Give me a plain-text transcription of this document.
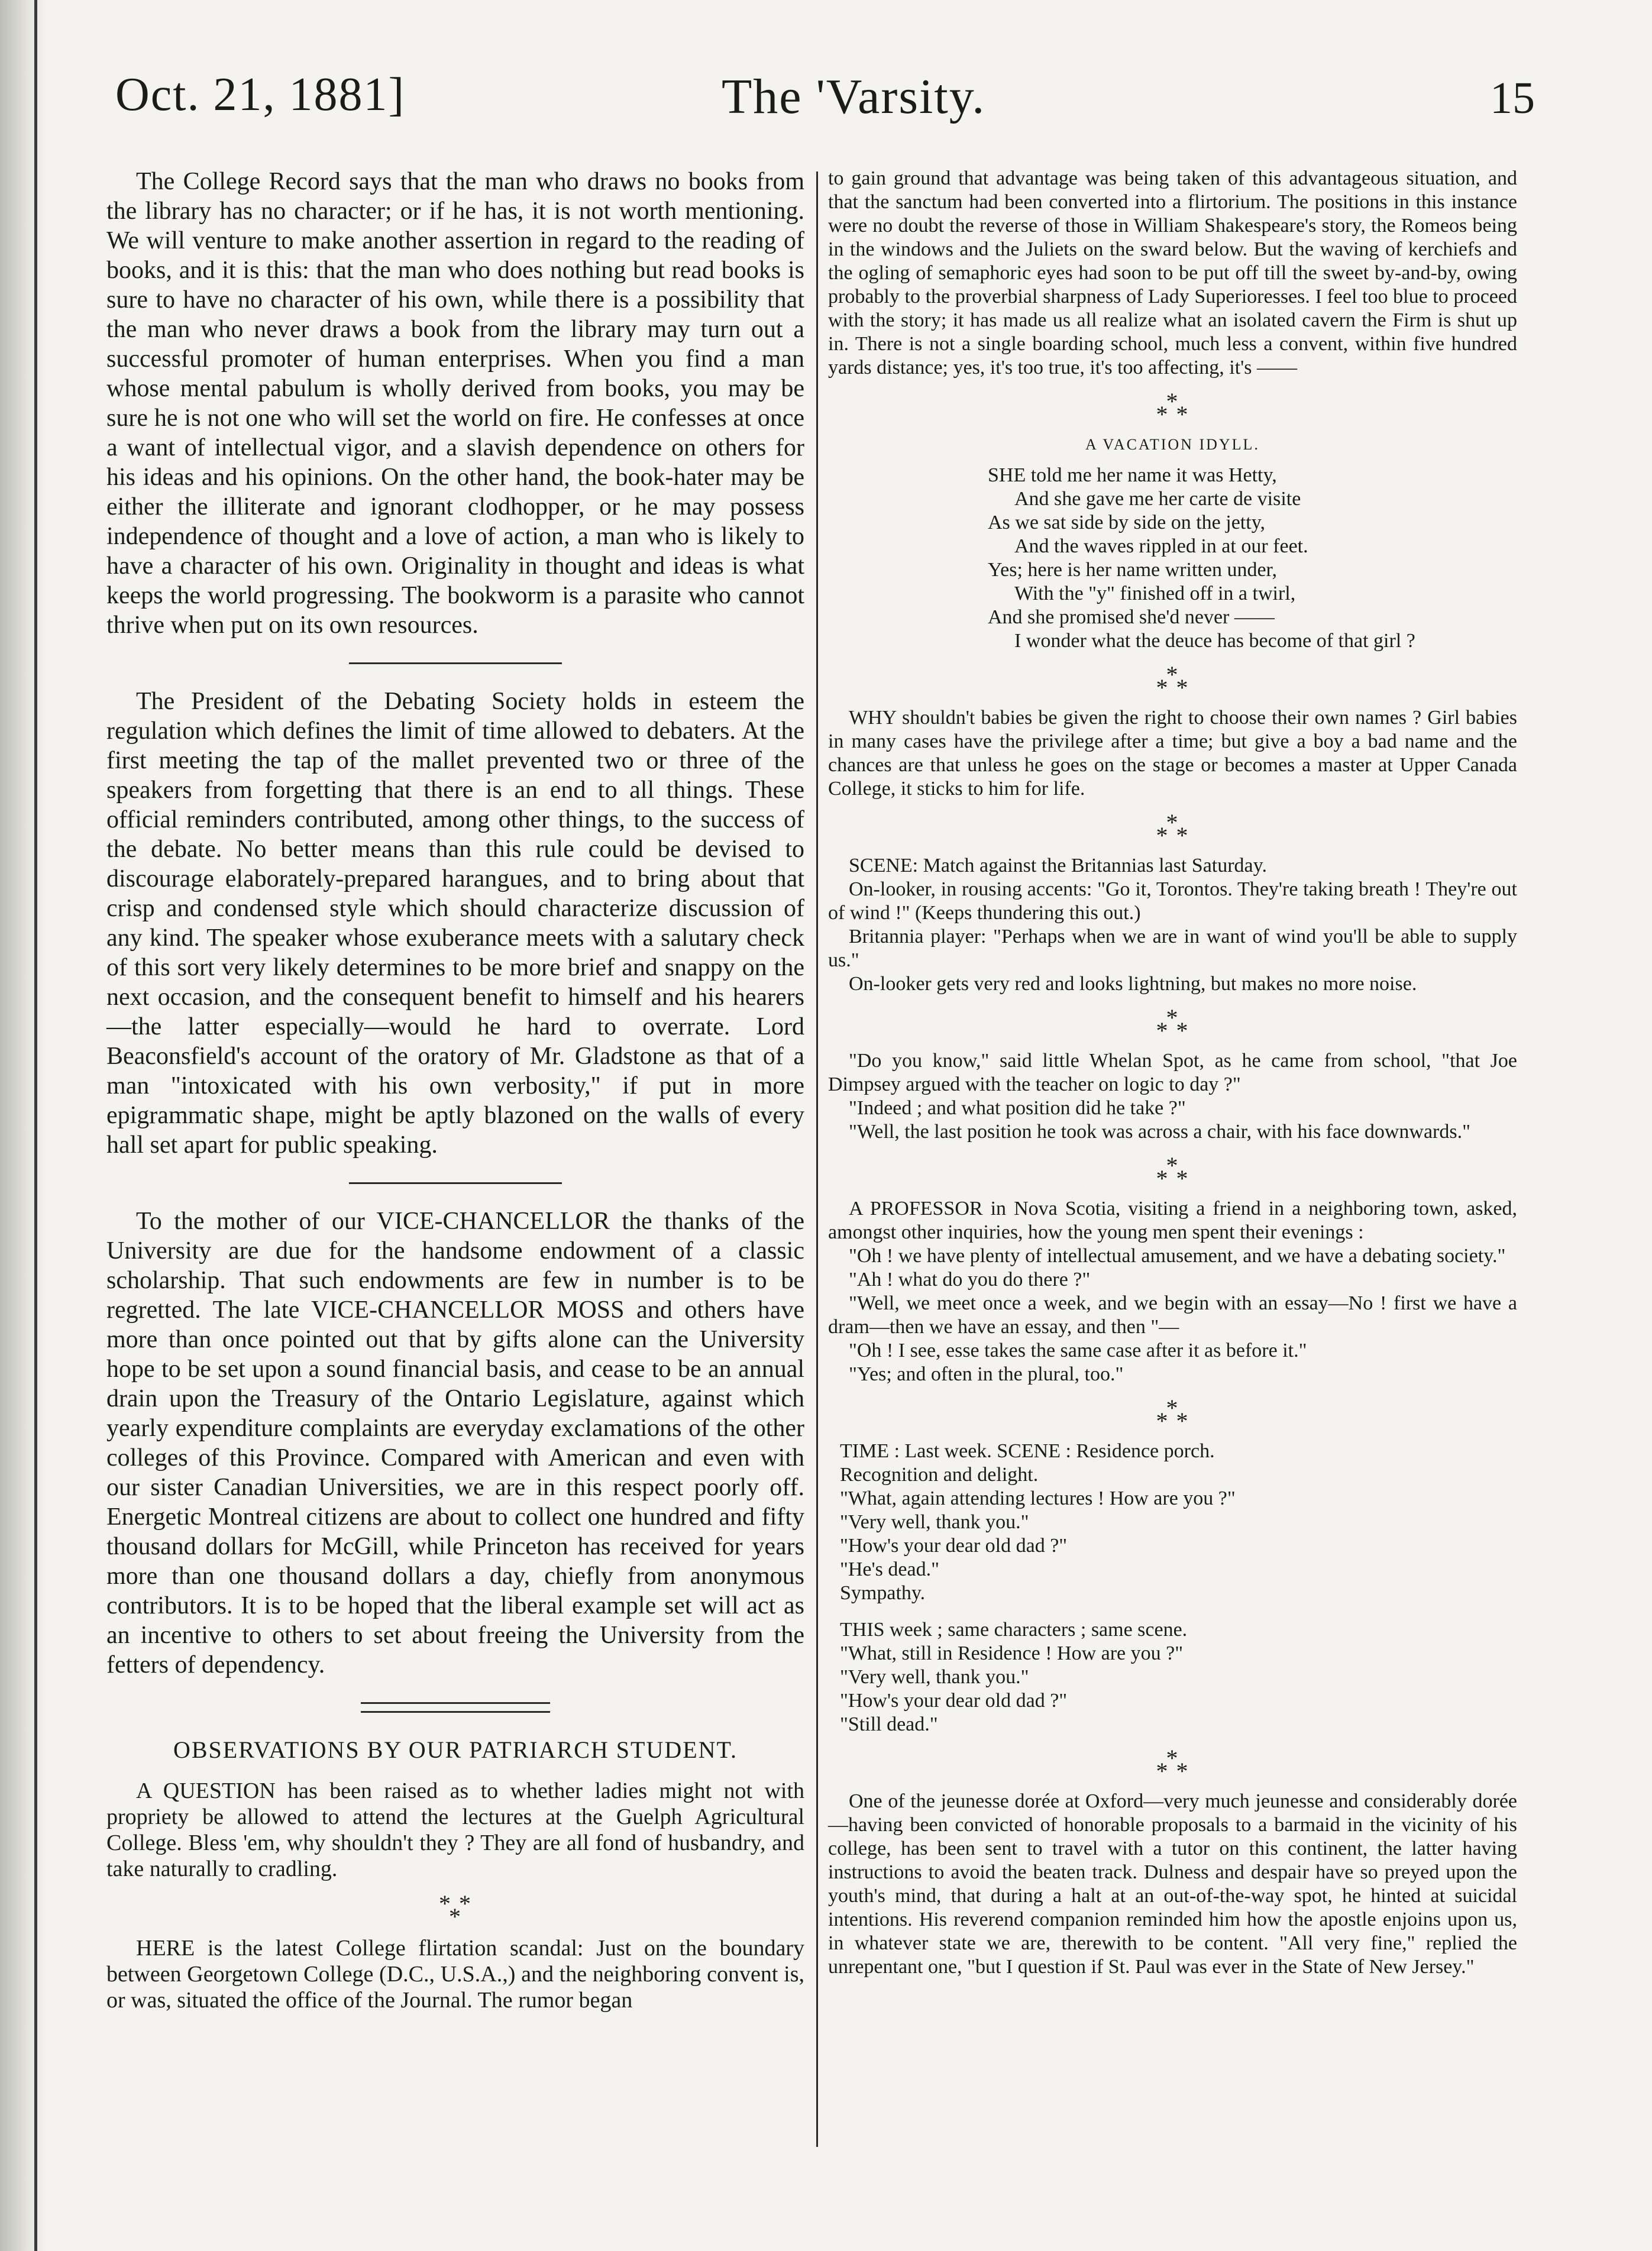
Oct. 21, 1881]	The 'Varsity.	15

The College Record says that the man who draws no books from the library has no character; or if he has, it is not worth mentioning. We will venture to make another assertion in regard to the reading of books, and it is this: that the man who does nothing but read books is sure to have no character of his own, while there is a possibility that the man who never draws a book from the library may turn out a successful promoter of human enterprises. When you find a man whose mental pabulum is wholly derived from books, you may be sure he is not one who will set the world on fire. He confesses at once a want of intellectual vigor, and a slavish dependence on others for his ideas and his opinions. On the other hand, the book-hater may be either the illiterate and ignorant clodhopper, or he may possess independence of thought and a love of action, a man who is likely to have a character of his own. Originality in thought and ideas is what keeps the world progressing. The bookworm is a parasite who cannot thrive when put on its own resources.

The President of the Debating Society holds in esteem the regulation which defines the limit of time allowed to debaters. At the first meeting the tap of the mallet prevented two or three of the speakers from forgetting that there is an end to all things. These official reminders contributed, among other things, to the success of the debate. No better means than this rule could be devised to discourage elaborately-prepared harangues, and to bring about that crisp and condensed style which should characterize discussion of any kind. The speaker whose exuberance meets with a salutary check of this sort very likely determines to be more brief and snappy on the next occasion, and the consequent benefit to himself and his hearers—the latter especially—would he hard to overrate. Lord Beaconsfield's account of the oratory of Mr. Gladstone as that of a man "intoxicated with his own verbosity," if put in more epigrammatic shape, might be aptly blazoned on the walls of every hall set apart for public speaking.

To the mother of our VICE-CHANCELLOR the thanks of the University are due for the handsome endowment of a classic scholarship. That such endowments are few in number is to be regretted. The late VICE-CHANCELLOR MOSS and others have more than once pointed out that by gifts alone can the University hope to be set upon a sound financial basis, and cease to be an annual drain upon the Treasury of the Ontario Legislature, against which yearly expenditure complaints are everyday exclamations of the other colleges of this Province. Compared with American and even with our sister Canadian Universities, we are in this respect poorly off. Energetic Montreal citizens are about to collect one hundred and fifty thousand dollars for McGill, while Princeton has received for years more than one thousand dollars a day, chiefly from anonymous contributors. It is to be hoped that the liberal example set will act as an incentive to others to set about freeing the University from the fetters of dependency.

OBSERVATIONS BY OUR PATRIARCH STUDENT.

A QUESTION has been raised as to whether ladies might not with propriety be allowed to attend the lectures at the Guelph Agricultural College. Bless 'em, why shouldn't they ? They are all fond of husbandry, and take naturally to cradling.

* *
*

HERE is the latest College flirtation scandal: Just on the boundary between Georgetown College (D.C., U.S.A.,) and the neighboring convent is, or was, situated the office of the Journal. The rumor began

to gain ground that advantage was being taken of this advantageous situation, and that the sanctum had been converted into a flirtorium. The positions in this instance were no doubt the reverse of those in William Shakespeare's story, the Romeos being in the windows and the Juliets on the sward below. But the waving of kerchiefs and the ogling of semaphoric eyes had soon to be put off till the sweet by-and-by, owing probably to the proverbial sharpness of Lady Superioresses. I feel too blue to proceed with the story; it has made us all realize what an isolated cavern the Firm is shut up in. There is not a single boarding school, much less a convent, within five hundred yards distance; yes, it's too true, it's too affecting, it's ——

*
* *
A VACATION IDYLL.
SHE told me her name it was Hetty,
And she gave me her carte de visite
As we sat side by side on the jetty,
And the waves rippled in at our feet.
Yes; here is her name written under,
With the "y" finished off in a twirl,
And she promised she'd never ——
I wonder what the deuce has become of that girl ?
*
* *

WHY shouldn't babies be given the right to choose their own names ? Girl babies in many cases have the privilege after a time; but give a boy a bad name and the chances are that unless he goes on the stage or becomes a master at Upper Canada College, it sticks to him for life.

*
* *

SCENE: Match against the Britannias last Saturday.

On-looker, in rousing accents: "Go it, Torontos. They're taking breath ! They're out of wind !" (Keeps thundering this out.)

Britannia player: "Perhaps when we are in want of wind you'll be able to supply us."

On-looker gets very red and looks lightning, but makes no more noise.

*
* *

"Do you know," said little Whelan Spot, as he came from school, "that Joe Dimpsey argued with the teacher on logic to day ?"

"Indeed ; and what position did he take ?"

"Well, the last position he took was across a chair, with his face downwards."

*
* *

A PROFESSOR in Nova Scotia, visiting a friend in a neighboring town, asked, amongst other inquiries, how the young men spent their evenings :

"Oh ! we have plenty of intellectual amusement, and we have a debating society."

"Ah ! what do you do there ?"

"Well, we meet once a week, and we begin with an essay—No ! first we have a dram—then we have an essay, and then "—

"Oh ! I see, esse takes the same case after it as before it."

"Yes; and often in the plural, too."

*
* *
TIME : Last week. SCENE : Residence porch.
Recognition and delight.
"What, again attending lectures ! How are you ?"
"Very well, thank you."
"How's your dear old dad ?"
"He's dead."
Sympathy.
THIS week ; same characters ; same scene.
"What, still in Residence ! How are you ?"
"Very well, thank you."
"How's your dear old dad ?"
"Still dead."
*
* *

One of the jeunesse dorée at Oxford—very much jeunesse and considerably dorée—having been convicted of honorable proposals to a barmaid in the vicinity of his college, has been sent to travel with a tutor on this continent, the latter having instructions to avoid the beaten track. Dulness and despair have so preyed upon the youth's mind, that during a halt at an out-of-the-way spot, he hinted at suicidal intentions. His reverend companion reminded him how the apostle enjoins upon us, in whatever state we are, therewith to be content. "All very fine," replied the unrepentant one, "but I question if St. Paul was ever in the State of New Jersey."
